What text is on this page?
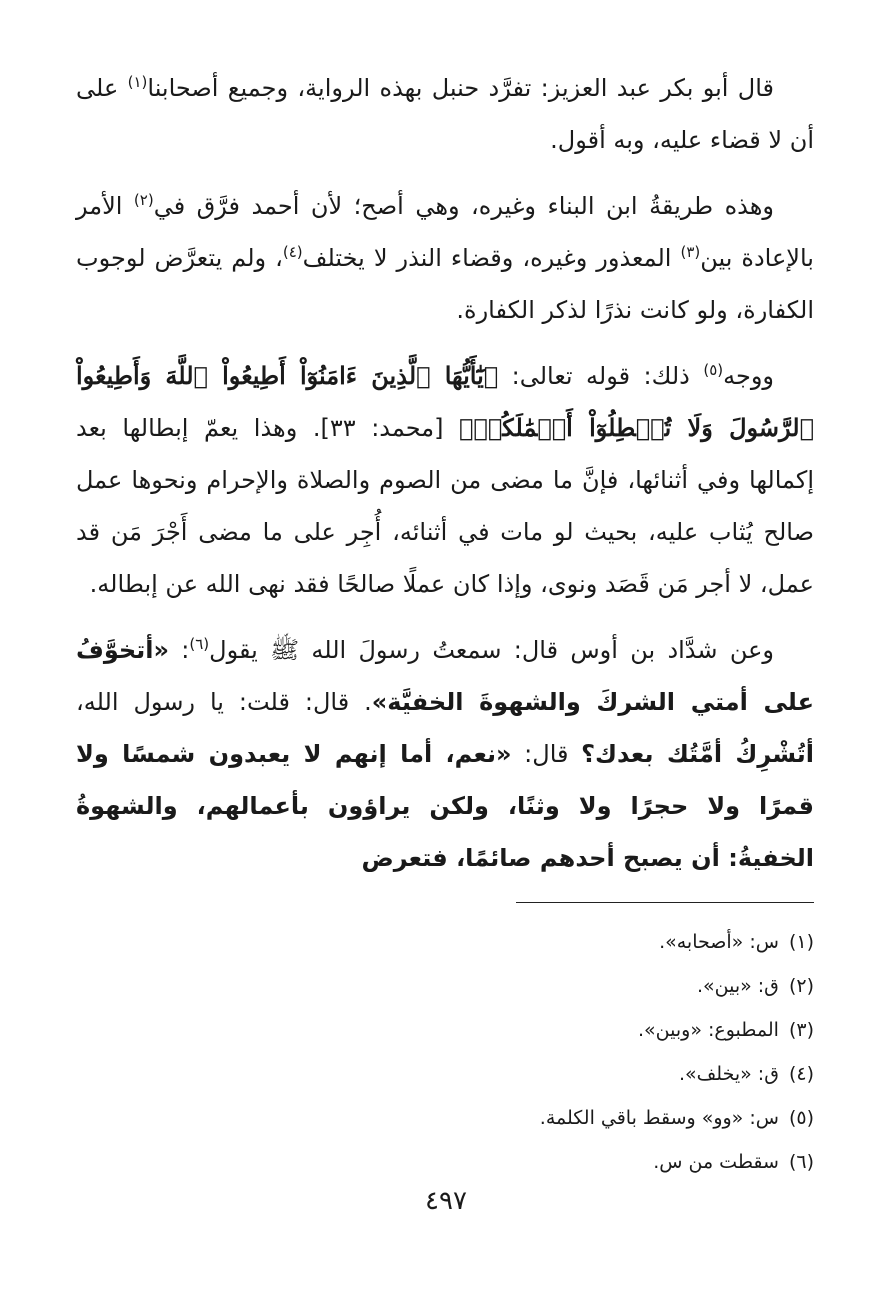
قال أبو بكر عبد العزيز: تفرَّد حنبل بهذه الرواية، وجميع أصحابنا$^{(١)}$ على أن لا قضاء عليه، وبه أقول.

وهذه طريقةُ ابن البناء وغيره، وهي أصح؛ لأن أحمد فرَّق في$^{(٢)}$ الأمر بالإعادة بين$^{(٣)}$ المعذور وغيره، وقضاء النذر لا يختلف$^{(٤)}$، ولم يتعرَّض لوجوب الكفارة، ولو كانت نذرًا لذكر الكفارة.

ووجه$^{(٥)}$ ذلك: قوله تعالى: ﴿يَٰٓأَيُّهَا ٱلَّذِينَ ءَامَنُوٓاْ أَطِيعُواْ ٱللَّهَ وَأَطِيعُواْ ٱلرَّسُولَ وَلَا تُبۡطِلُوٓاْ أَعۡمَٰلَكُمۡ﴾ [محمد: ٣٣]. وهذا يعمّ إبطالها بعد إكمالها وفي أثنائها، فإنَّ ما مضى من الصوم والصلاة والإحرام ونحوها عمل صالح يُثاب عليه، بحيث لو مات في أثنائه، أُجِر على ما مضى أَجْرَ مَن قد عمل، لا أجر مَن قَصَد ونوى، وإذا كان عملًا صالحًا فقد نهى الله عن إبطاله.

وعن شدَّاد بن أوس قال: سمعتُ رسولَ الله ﷺ يقول$^{(٦)}$: «أتخوَّفُ على أمتي الشركَ والشهوةَ الخفيَّة». قال: قلت: يا رسول الله، أتُشْرِكُ أمَّتُك بعدك؟ قال: «نعم، أما إنهم لا يعبدون شمسًا ولا قمرًا ولا حجرًا ولا وثنًا، ولكن يراؤون بأعمالهم، والشهوةُ الخفيةُ: أن يصبح أحدهم صائمًا، فتعرض

(١)س: «أصحابه».
(٢)ق: «بين».
(٣)المطبوع: «وبين».
(٤)ق: «يخلف».
(٥)س: «وو» وسقط باقي الكلمة.
(٦)سقطت من س.
٤٩٧
